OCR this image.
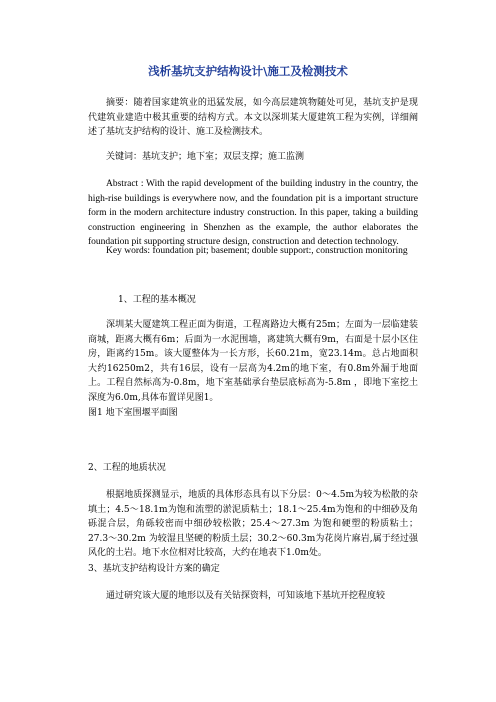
浅析基坑支护结构设计\施工及检测技术

摘要：随着国家建筑业的迅猛发展，如今高层建筑物随处可见，基坑支护是现代建筑业建造中极其重要的结构方式。本文以深圳某大厦建筑工程为实例，详细阐述了基坑支护结构的设计、施工及检测技术。

关键词：基坑支护；地下室；双层支撑；施工监测

Abstract : With the rapid development of the building industry in the country, the high-rise buildings is everywhere now, and the foundation pit is a important structure form in the modern architecture industry construction. In this paper, taking a building construction engineering in Shenzhen as the example, the author elaborates the foundation pit supporting structure design, construction and detection technology.

Key words: foundation pit; basement; double support:, construction monitoring

1、工程的基本概况

深圳某大厦建筑工程正面为街道，工程离路边大概有25m；左面为一层临建装商城，距离大概有6m；后面为一水泥围墙，离建筑大概有9m，右面是十层小区住房，距离约15m。该大厦整体为一长方形，长60.21m，宽23.14m。总占地面积大约16250m2，共有16层，设有一层高为4.2m的地下室，有0.8m外漏于地面上。工程自然标高为-0.8m，地下室基础承台垫层底标高为-5.8m ，即地下室挖土深度为6.0m,具体布置详见图1。

图1 地下室围堰平面图

2、工程的地质状况

根据地质探测显示，地质的具体形态具有以下分层：0～4.5m为较为松散的杂填土；4.5～18.1m为饱和流塑的淤泥质粘土；18.1～25.4m为饱和的中细砂及角砾混合层，角砾较密而中细砂较松散；25.4～27.3m 为饱和硬塑的粉质粘土；27.3～30.2m 为较湿且坚硬的粉质土层；30.2～60.3m为花岗片麻岩,属于经过强风化的土岩。地下水位相对比较高，大约在地表下1.0m处。

3、基坑支护结构设计方案的确定

通过研究该大厦的地形以及有关钻探资料，可知该地下基坑开挖程度较
